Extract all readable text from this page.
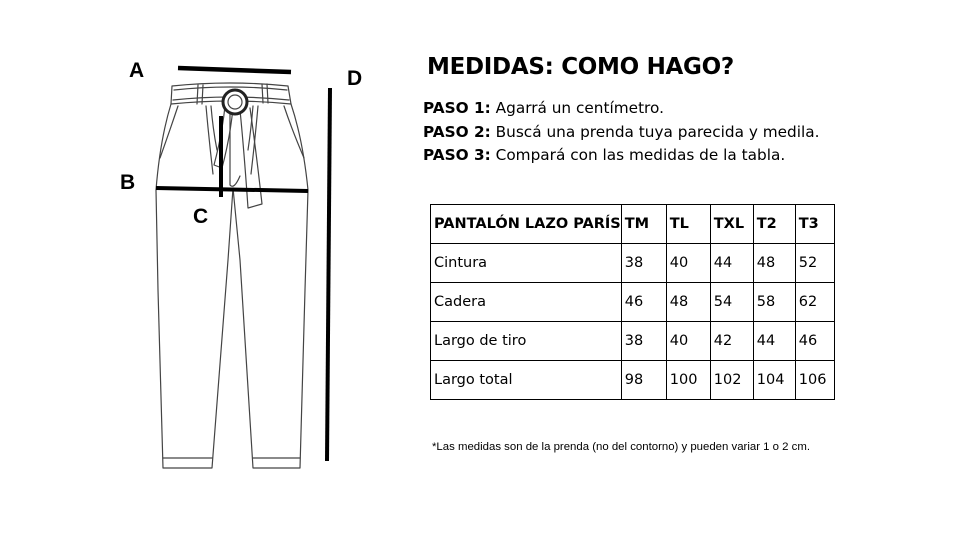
A
B
C
D	MEDIDAS: COMO HAGO?
PASO 1: Agarrá un centímetro.
PASO 2: Buscá una prenda tuya parecida y medila.
PASO 3: Compará con las medidas de la tabla.
PANTALÓN LAZO PARÍS	TM	TL	TXL	T2	T3
Cintura	38	40	44	48	52
Cadera	46	48	54	58	62
Largo de tiro	38	40	42	44	46
Largo total	98	100	102	104	106
*Las medidas son de la prenda (no del contorno) y pueden variar 1 o 2 cm.
